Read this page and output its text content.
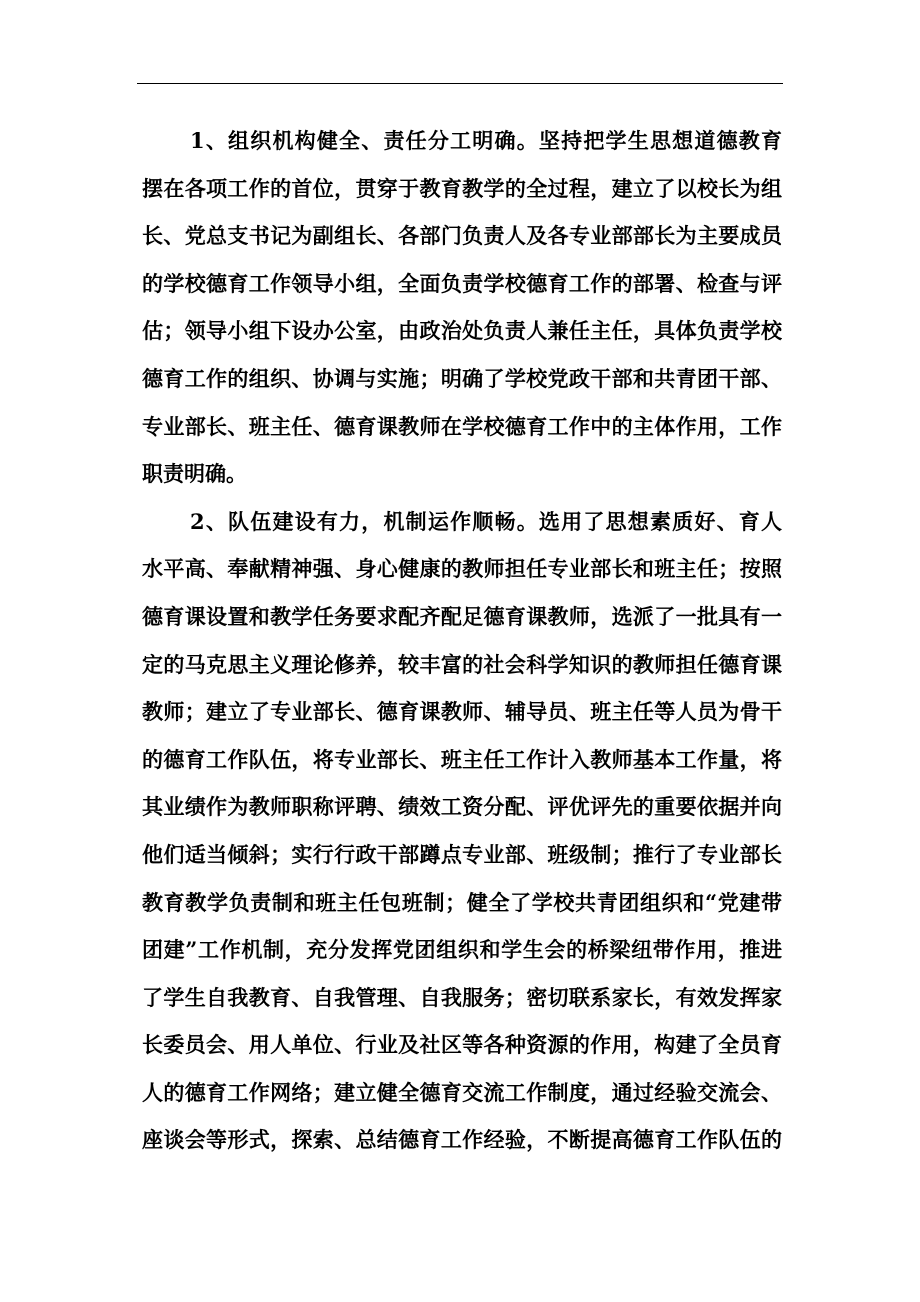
1、组织机构健全、责任分工明确。坚持把学生思想道德教育
摆在各项工作的首位，贯穿于教育教学的全过程，建立了以校长为组
长、党总支书记为副组长、各部门负责人及各专业部部长为主要成员
的学校德育工作领导小组，全面负责学校德育工作的部署、检查与评
估；领导小组下设办公室，由政治处负责人兼任主任，具体负责学校
德育工作的组织、协调与实施；明确了学校党政干部和共青团干部、
专业部长、班主任、德育课教师在学校德育工作中的主体作用，工作
职责明确。
2、队伍建设有力，机制运作顺畅。选用了思想素质好、育人
水平高、奉献精神强、身心健康的教师担任专业部长和班主任；按照
德育课设置和教学任务要求配齐配足德育课教师，选派了一批具有一
定的马克思主义理论修养，较丰富的社会科学知识的教师担任德育课
教师；建立了专业部长、德育课教师、辅导员、班主任等人员为骨干
的德育工作队伍，将专业部长、班主任工作计入教师基本工作量，将
其业绩作为教师职称评聘、绩效工资分配、评优评先的重要依据并向
他们适当倾斜；实行行政干部蹲点专业部、班级制；推行了专业部长
教育教学负责制和班主任包班制；健全了学校共青团组织和“党建带
团建”工作机制，充分发挥党团组织和学生会的桥梁纽带作用，推进
了学生自我教育、自我管理、自我服务；密切联系家长，有效发挥家
长委员会、用人单位、行业及社区等各种资源的作用，构建了全员育
人的德育工作网络；建立健全德育交流工作制度，通过经验交流会、
座谈会等形式，探索、总结德育工作经验，不断提高德育工作队伍的
